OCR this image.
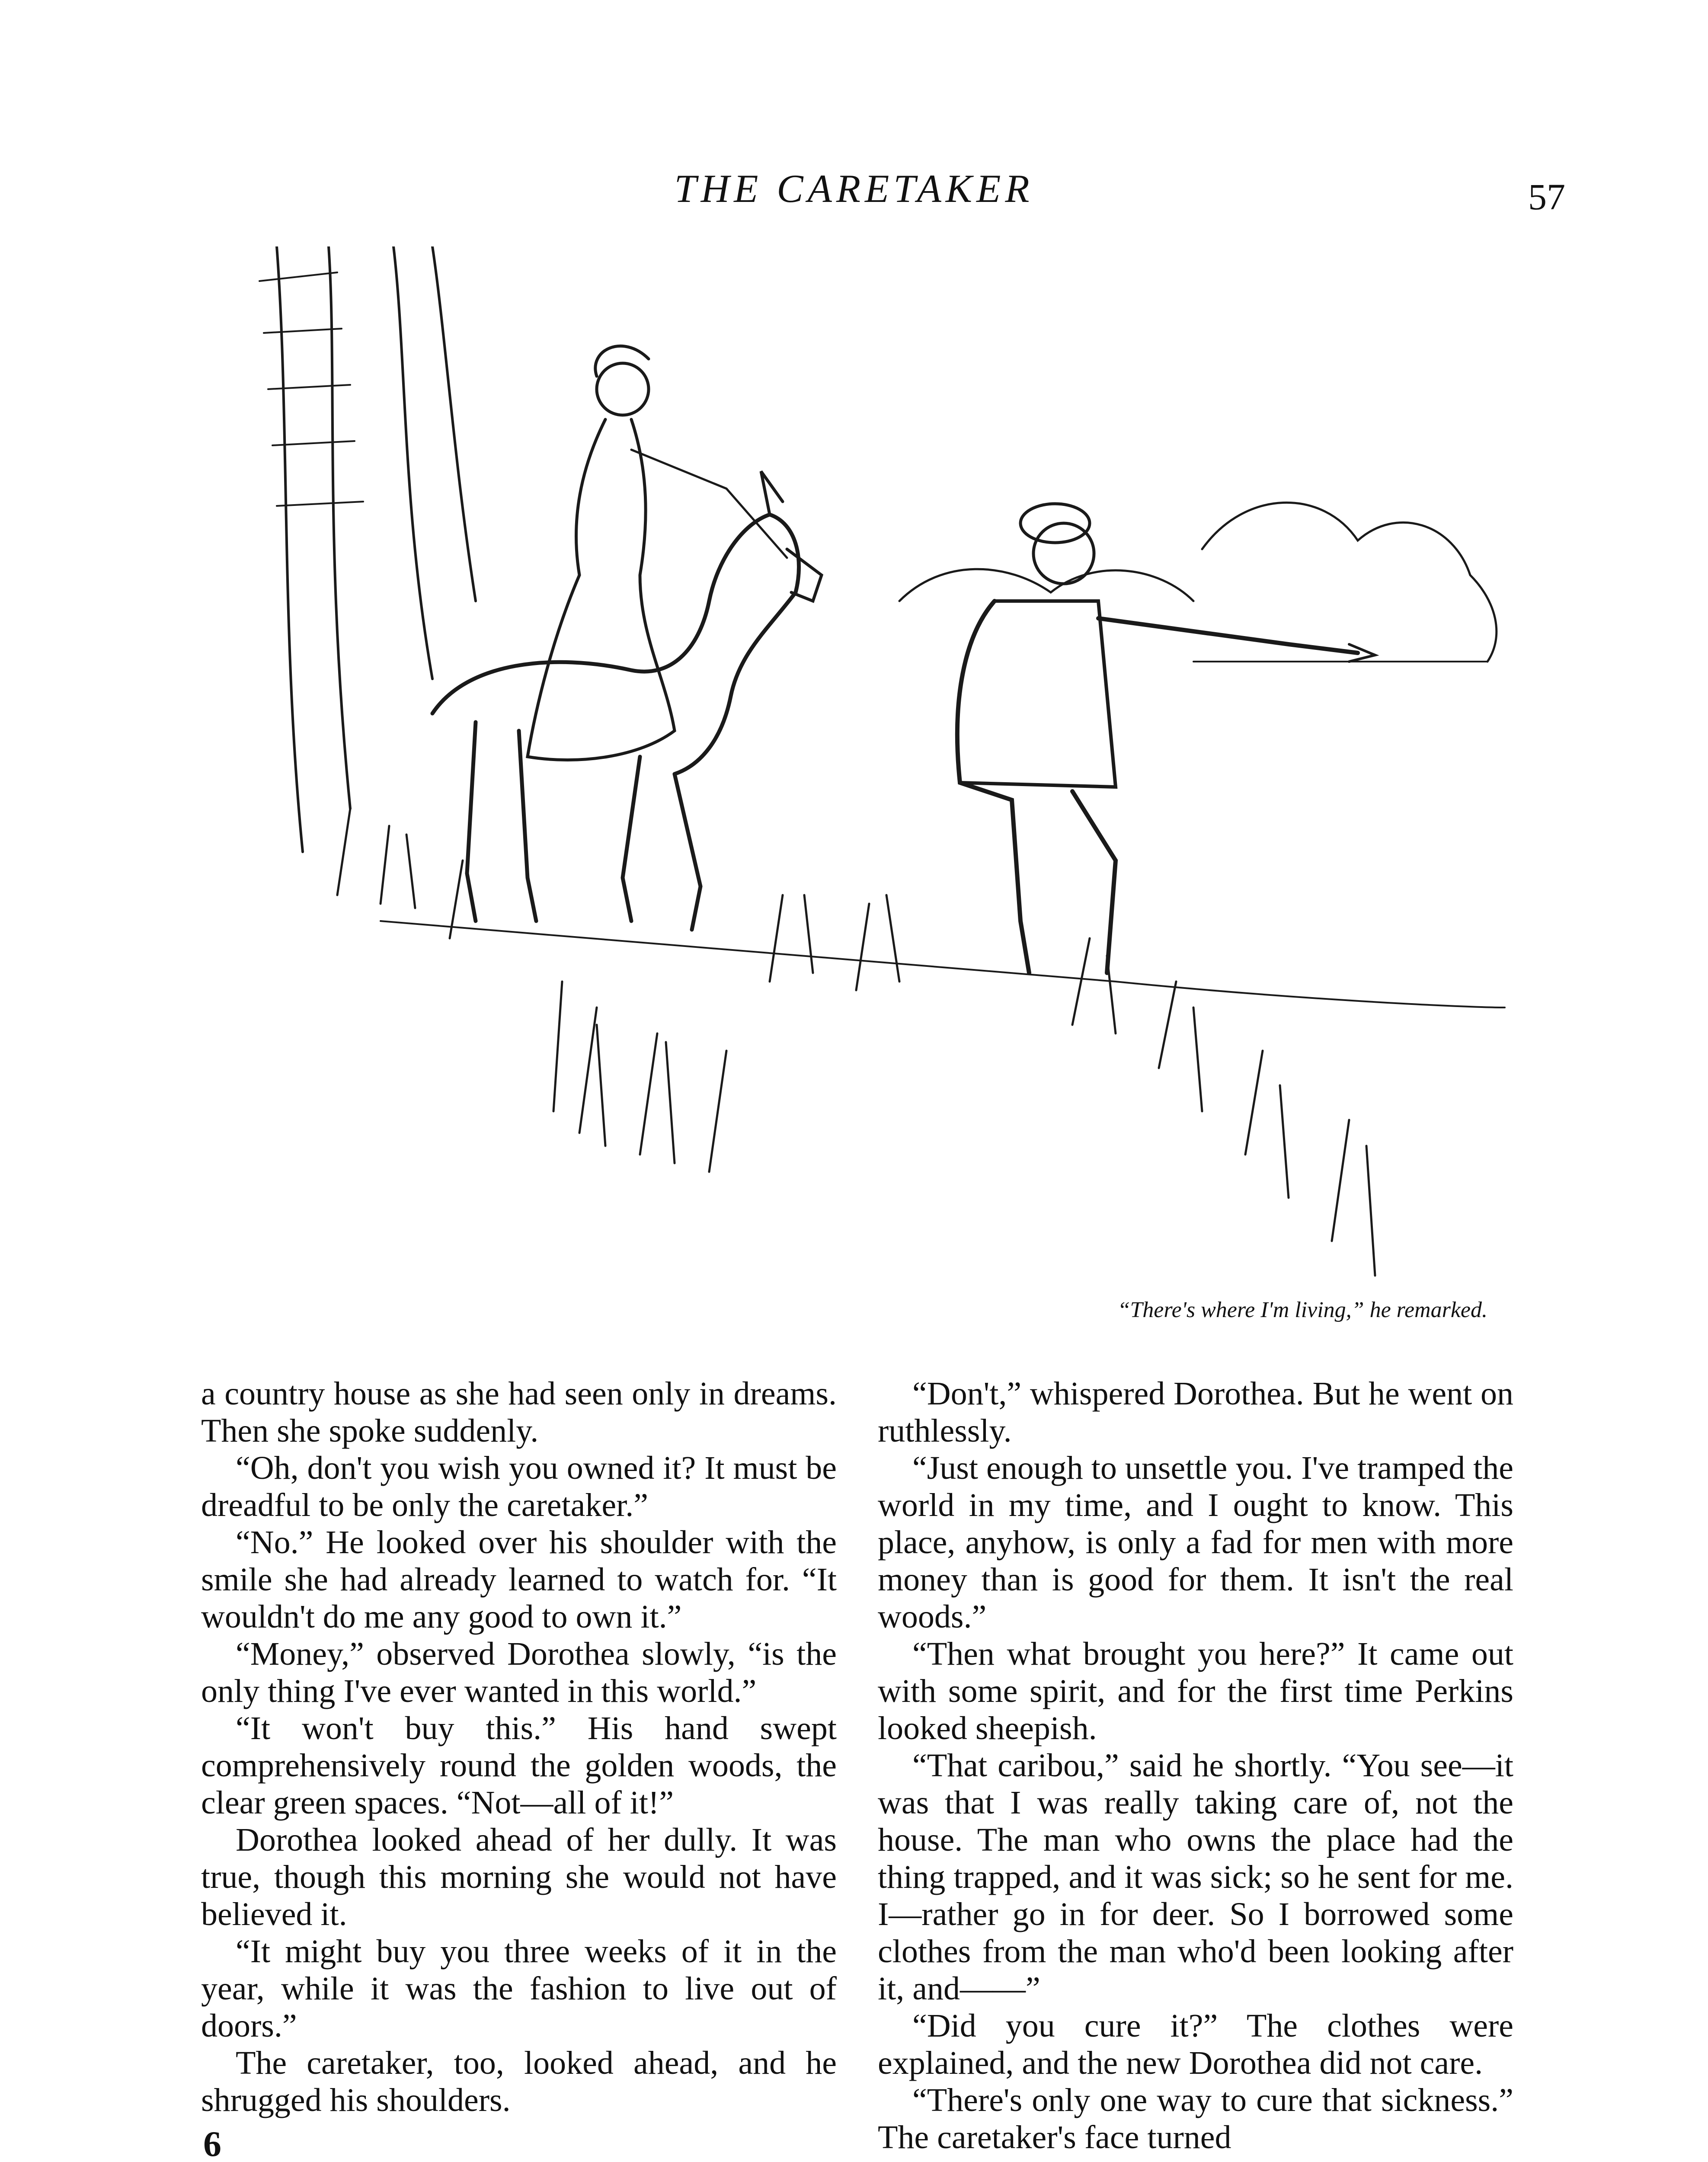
THE CARETAKER	57
“There's where I'm living,” he remarked.

a country house as she had seen only in dreams. Then she spoke suddenly.

“Oh, don't you wish you owned it? It must be dreadful to be only the caretaker.”

“No.” He looked over his shoulder with the smile she had already learned to watch for. “It wouldn't do me any good to own it.”

“Money,” observed Dorothea slowly, “is the only thing I've ever wanted in this world.”

“It won't buy this.” His hand swept comprehensively round the golden woods, the clear green spaces. “Not—all of it!”

Dorothea looked ahead of her dully. It was true, though this morning she would not have believed it.

“It might buy you three weeks of it in the year, while it was the fashion to live out of doors.”

The caretaker, too, looked ahead, and he shrugged his shoulders.

“Don't,” whispered Dorothea. But he went on ruthlessly.

“Just enough to unsettle you. I've tramped the world in my time, and I ought to know. This place, anyhow, is only a fad for men with more money than is good for them. It isn't the real woods.”

“Then what brought you here?” It came out with some spirit, and for the first time Perkins looked sheepish.

“That caribou,” said he shortly. “You see—it was that I was really taking care of, not the house. The man who owns the place had the thing trapped, and it was sick; so he sent for me. I—rather go in for deer. So I borrowed some clothes from the man who'd been looking after it, and——”

“Did you cure it?” The clothes were explained, and the new Dorothea did not care.

“There's only one way to cure that sickness.” The caretaker's face turned

6
